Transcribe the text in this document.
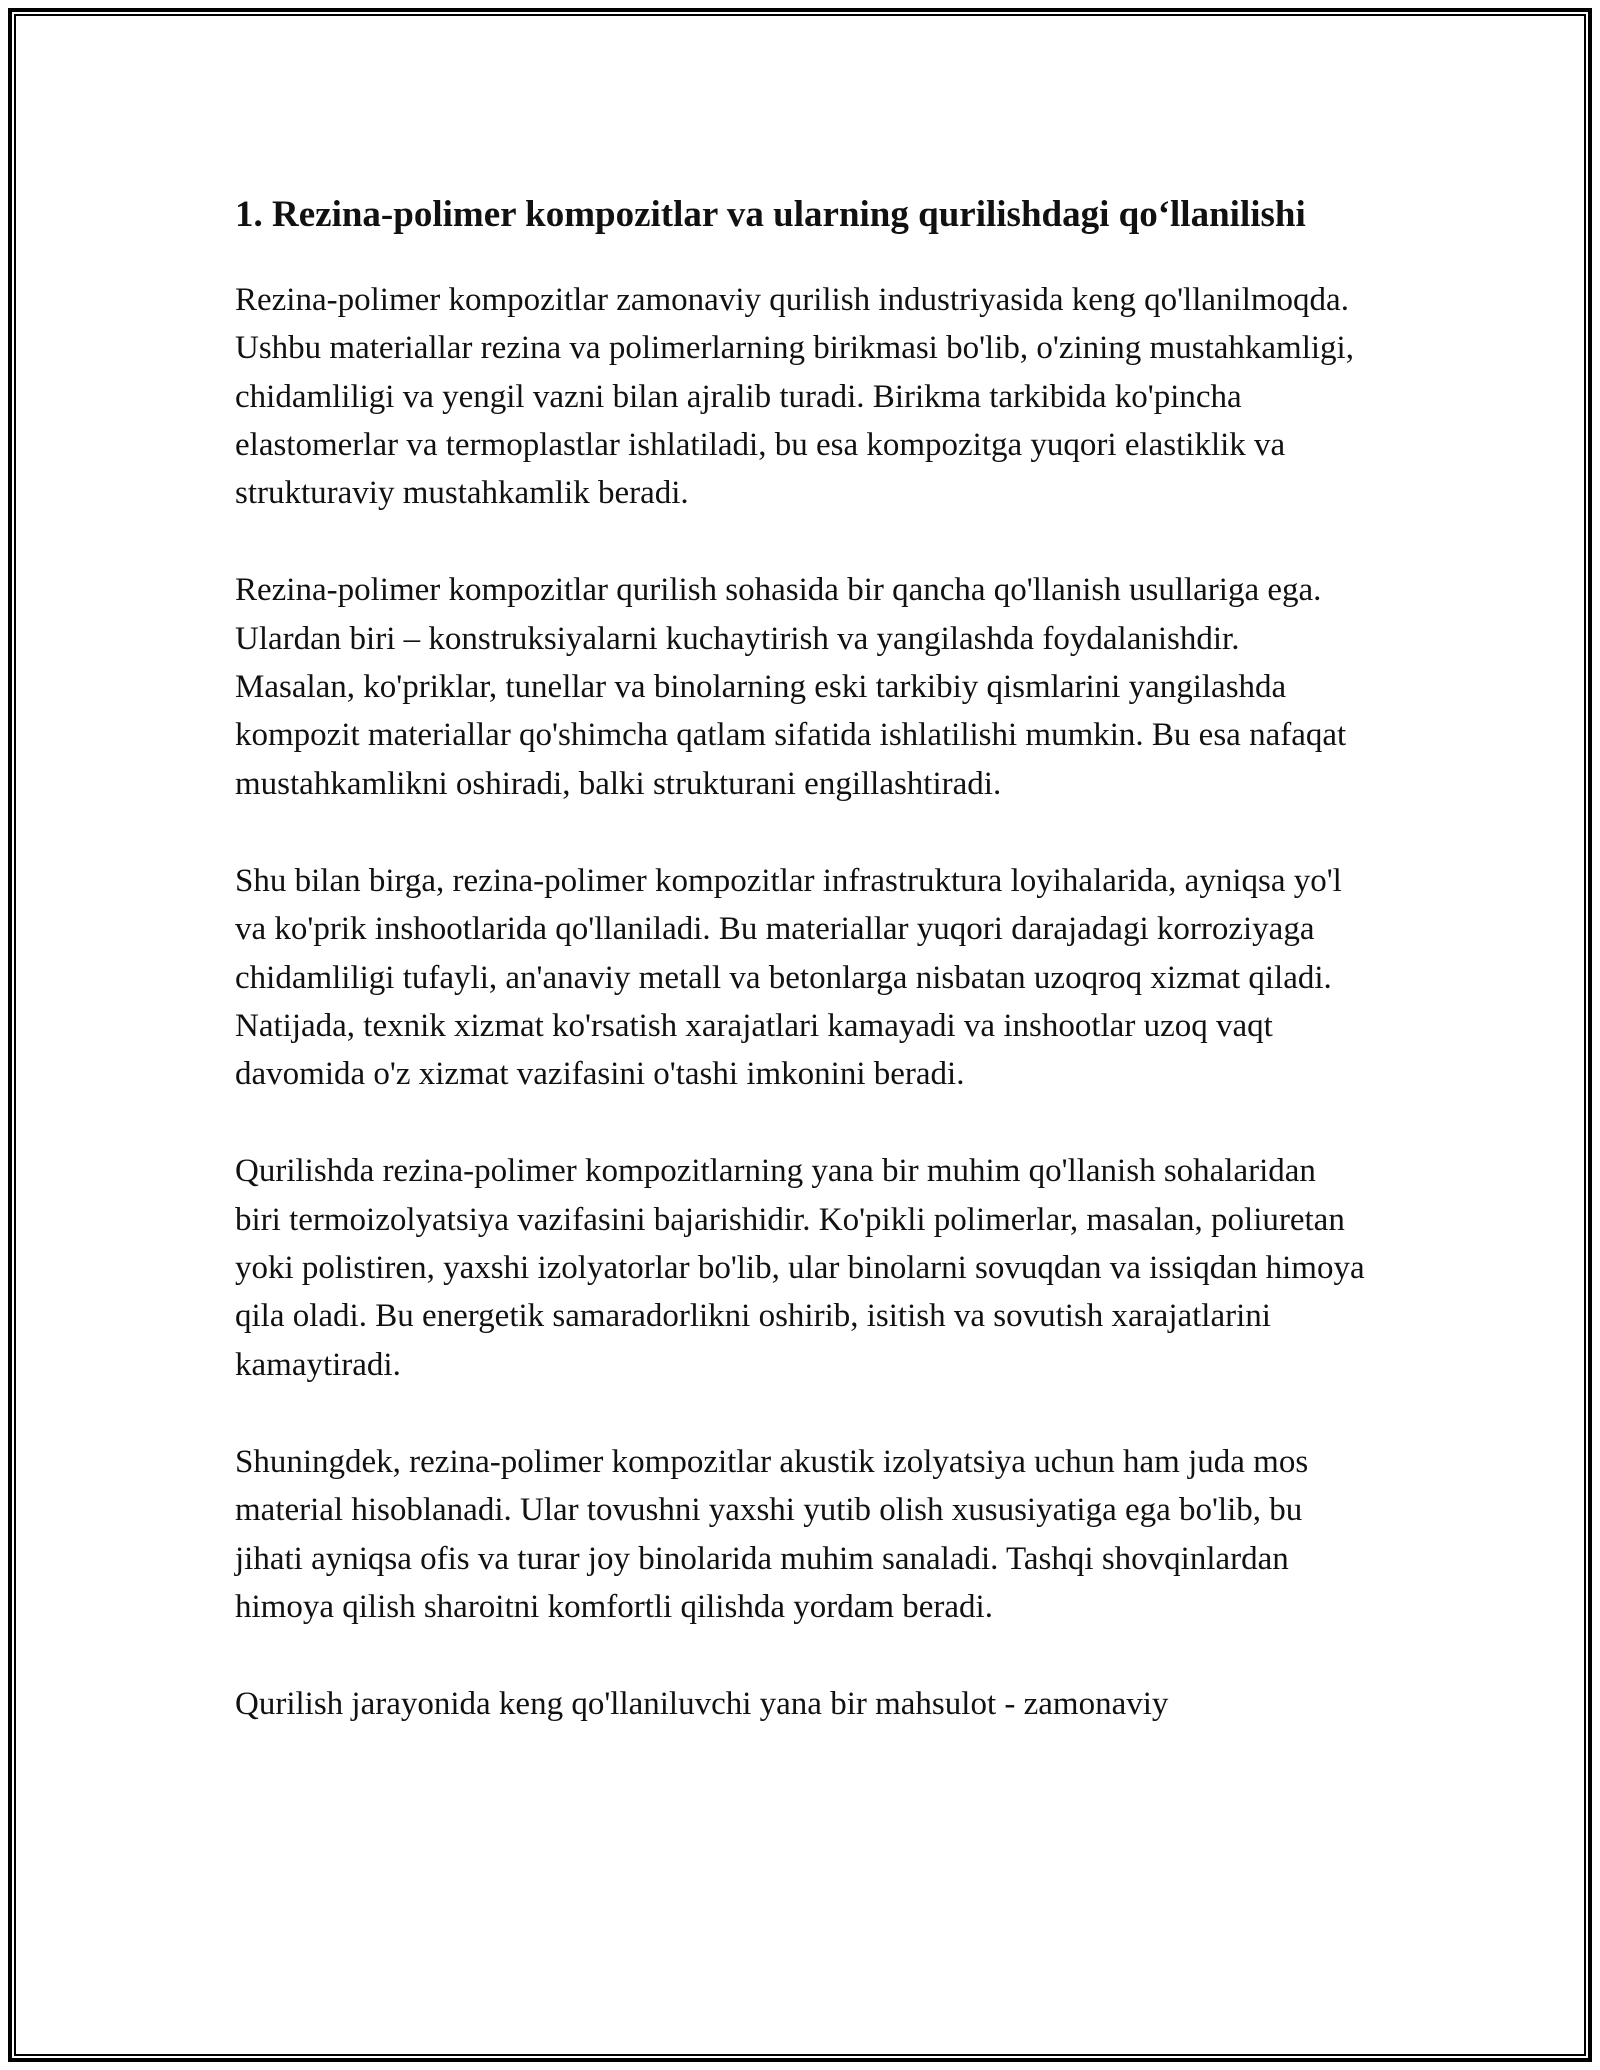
1. Rezina-polimer kompozitlar va ularning qurilishdagi qo‘llanilishi

Rezina-polimer kompozitlar zamonaviy qurilish industriyasida keng qo'llanilmoqda. Ushbu materiallar rezina va polimerlarning birikmasi bo'lib, o'zining mustahkamligi, chidamliligi va yengil vazni bilan ajralib turadi. Birikma tarkibida ko'pincha elastomerlar va termoplastlar ishlatiladi, bu esa kompozitga yuqori elastiklik va strukturaviy mustahkamlik beradi.

Rezina-polimer kompozitlar qurilish sohasida bir qancha qo'llanish usullariga ega. Ulardan biri – konstruksiyalarni kuchaytirish va yangilashda foydalanishdir. Masalan, ko'priklar, tunellar va binolarning eski tarkibiy qismlarini yangilashda kompozit materiallar qo'shimcha qatlam sifatida ishlatilishi mumkin. Bu esa nafaqat mustahkamlikni oshiradi, balki strukturani engillashtiradi.

Shu bilan birga, rezina-polimer kompozitlar infrastruktura loyihalarida, ayniqsa yo'l va ko'prik inshootlarida qo'llaniladi. Bu materiallar yuqori darajadagi korroziyaga chidamliligi tufayli, an'anaviy metall va betonlarga nisbatan uzoqroq xizmat qiladi. Natijada, texnik xizmat ko'rsatish xarajatlari kamayadi va inshootlar uzoq vaqt davomida o'z xizmat vazifasini o'tashi imkonini beradi.

Qurilishda rezina-polimer kompozitlarning yana bir muhim qo'llanish sohalaridan biri termoizolyatsiya vazifasini bajarishidir. Ko'pikli polimerlar, masalan, poliuretan yoki polistiren, yaxshi izolyatorlar bo'lib, ular binolarni sovuqdan va issiqdan himoya qila oladi. Bu energetik samaradorlikni oshirib, isitish va sovutish xarajatlarini kamaytiradi.

Shuningdek, rezina-polimer kompozitlar akustik izolyatsiya uchun ham juda mos material hisoblanadi. Ular tovushni yaxshi yutib olish xususiyatiga ega bo'lib, bu jihati ayniqsa ofis va turar joy binolarida muhim sanaladi. Tashqi shovqinlardan himoya qilish sharoitni komfortli qilishda yordam beradi.

Qurilish jarayonida keng qo'llaniluvchi yana bir mahsulot - zamonaviy
